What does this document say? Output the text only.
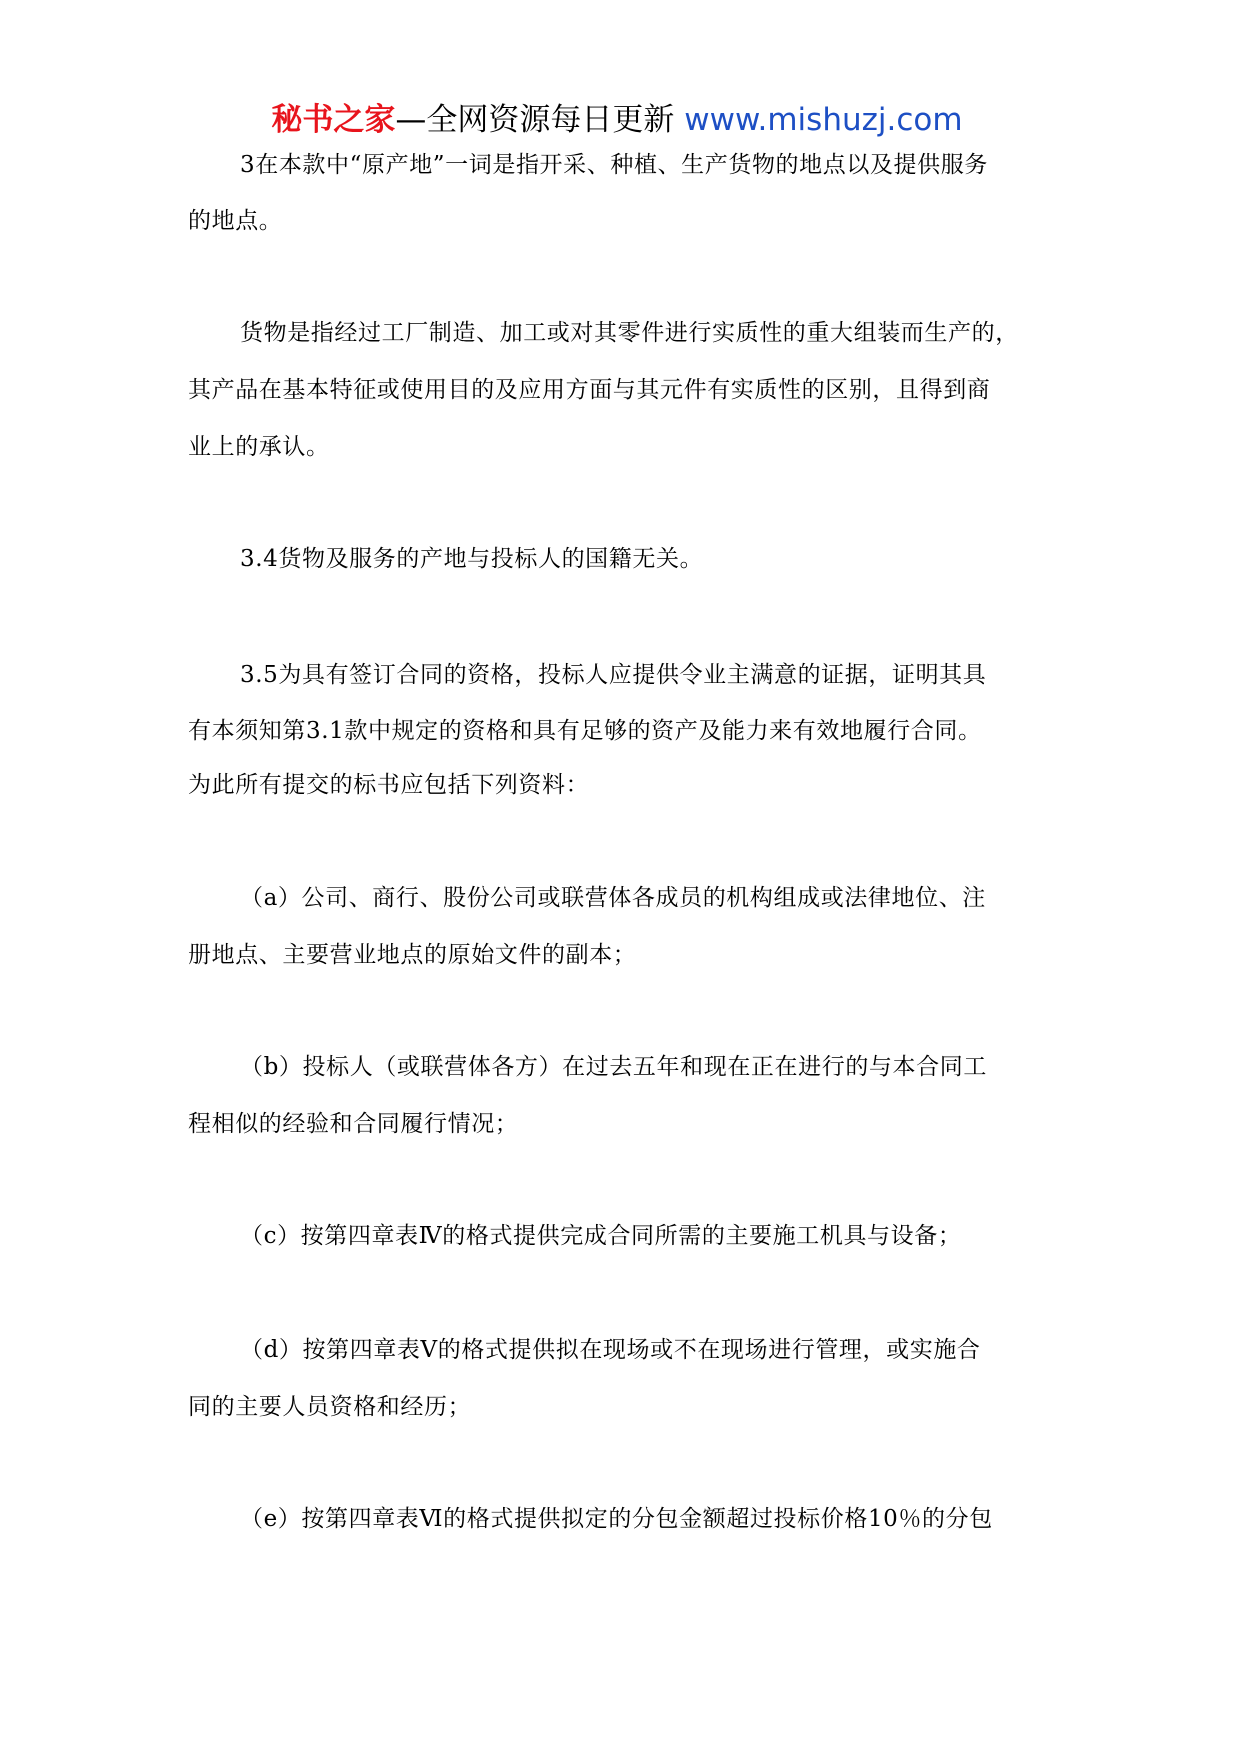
秘书之家—全网资源每日更新 www.mishuzj.com
3在本款中“原产地”一词是指开采、种植、生产货物的地点以及提供服务
的地点。
货物是指经过工厂制造、加工或对其零件进行实质性的重大组装而生产的，
其产品在基本特征或使用目的及应用方面与其元件有实质性的区别，且得到商
业上的承认。
3.4货物及服务的产地与投标人的国籍无关。
3.5为具有签订合同的资格，投标人应提供令业主满意的证据，证明其具
有本须知第3.1款中规定的资格和具有足够的资产及能力来有效地履行合同。
为此所有提交的标书应包括下列资料：
（a）公司、商行、股份公司或联营体各成员的机构组成或法律地位、注
册地点、主要营业地点的原始文件的副本；
（b）投标人（或联营体各方）在过去五年和现在正在进行的与本合同工
程相似的经验和合同履行情况；
（c）按第四章表Ⅳ的格式提供完成合同所需的主要施工机具与设备；
（d）按第四章表Ⅴ的格式提供拟在现场或不在现场进行管理，或实施合
同的主要人员资格和经历；
（e）按第四章表Ⅵ的格式提供拟定的分包金额超过投标价格10％的分包
